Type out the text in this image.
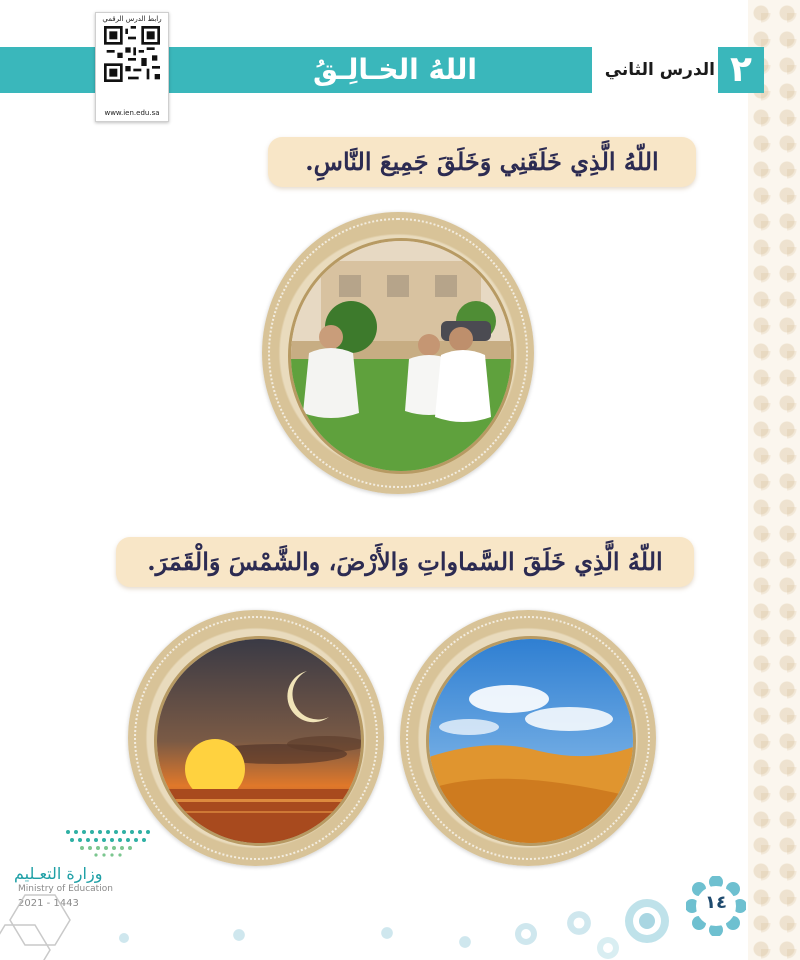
اللهُ الخـالِـقُ	الدرس الثاني ٢
رابط الدرس الرقمي
www.ien.edu.sa
اللّهُ الَّذِي خَلَقَنِي وَخَلَقَ جَمِيعَ النَّاسِ.
اللّهُ الَّذِي خَلَقَ السَّماواتِ وَالأَرْضَ، والشَّمْسَ وَالْقَمَرَ.
وزارة التعـليم
Ministry of Education
2021 - 1443	١٤
